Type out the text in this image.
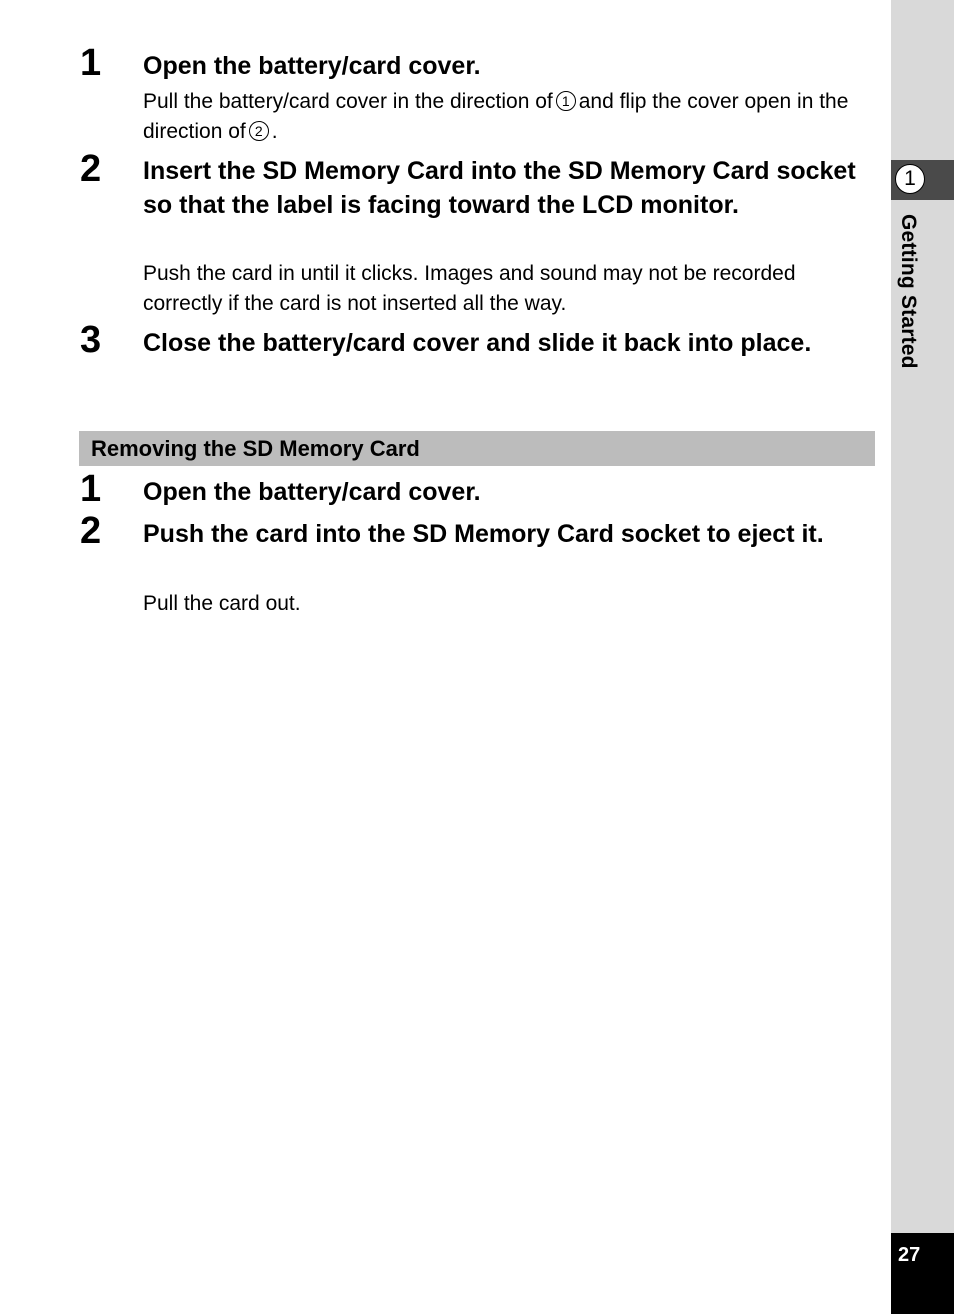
1
Getting Started
27
1 Open the battery/card cover.
Pull the battery/card cover in the direction of 1 and flip the cover open in the direction of 2 .
2 Insert the SD Memory Card into the SD Memory Card socket so that the label is facing toward the LCD monitor.
Push the card in until it clicks. Images and sound may not be recorded correctly if the card is not inserted all the way.
3 Close the battery/card cover and slide it back into place.
Removing the SD Memory Card
1 Open the battery/card cover.
2 Push the card into the SD Memory Card socket to eject it.
Pull the card out.
